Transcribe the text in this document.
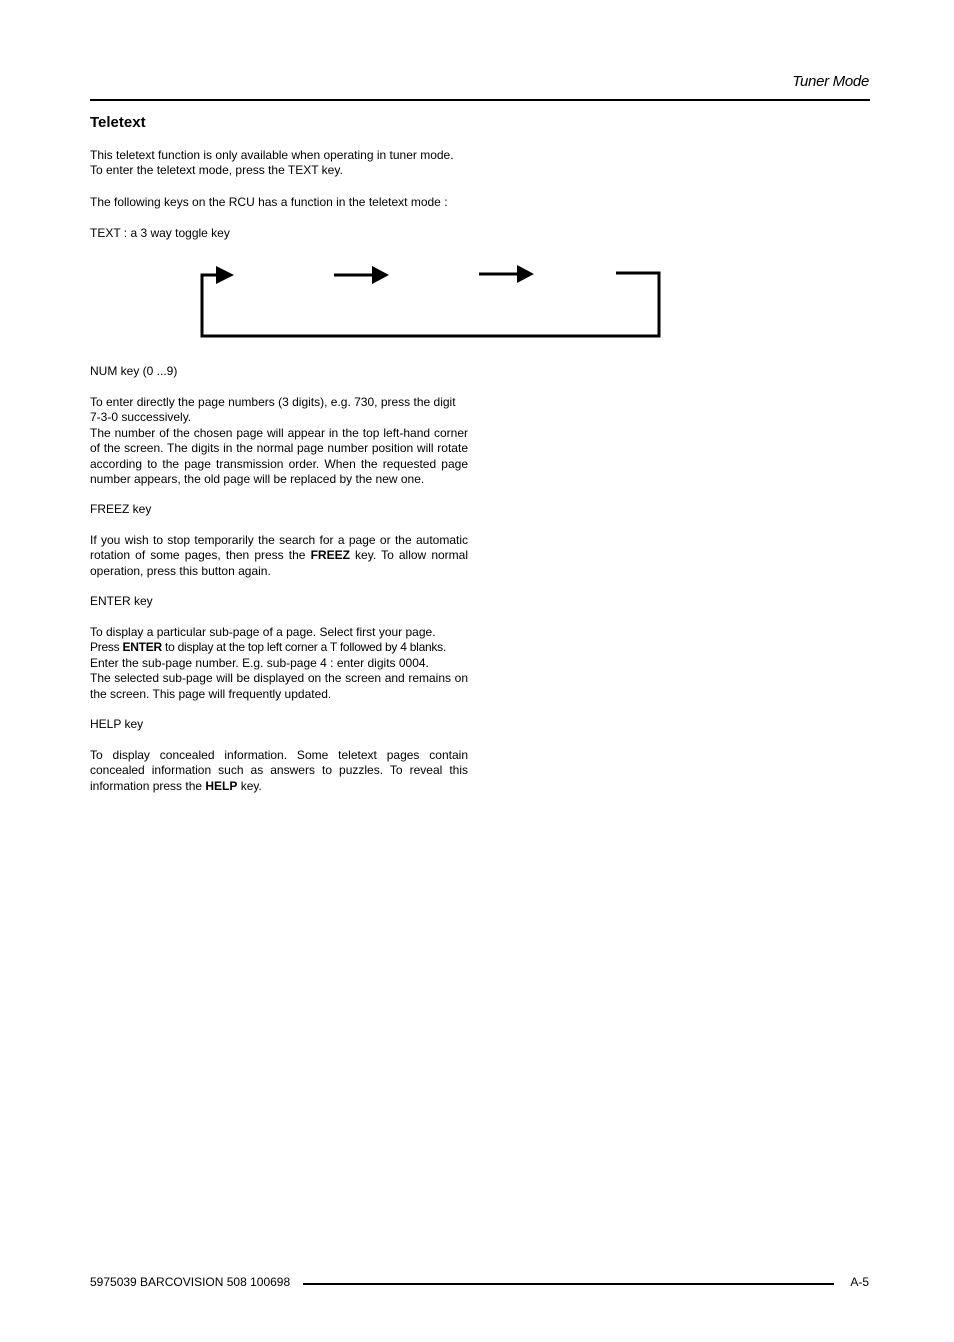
Tuner Mode
Teletext

This teletext function is only available when operating in tuner mode.

To enter the teletext mode, press the TEXT key.

The following keys on the RCU has a function in the teletext mode :

TEXT : a 3 way toggle key

NUM key (0 ...9)

To enter directly the page numbers (3 digits), e.g. 730, press the digit 7-3-0 successively.

The number of the chosen page will appear in the top left-hand corner of the screen. The digits in the normal page number position will rotate according to the page transmission order. When the requested page number appears, the old page will be replaced by the new one.

FREEZ key

If you wish to stop temporarily the search for a page or the automatic rotation of some pages, then press the FREEZ key. To allow normal operation, press this button again.

ENTER key

To display a particular sub-page of a page. Select first your page.

Press ENTER to display at the top left corner a T followed by 4 blanks.

Enter the sub-page number. E.g. sub-page 4 : enter digits 0004.

The selected sub-page will be displayed on the screen and remains on the screen. This page will frequently updated.

HELP key

To display concealed information. Some teletext pages contain concealed information such as answers to puzzles. To reveal this information press the HELP key.

5975039 BARCOVISION 508 100698	A-5
